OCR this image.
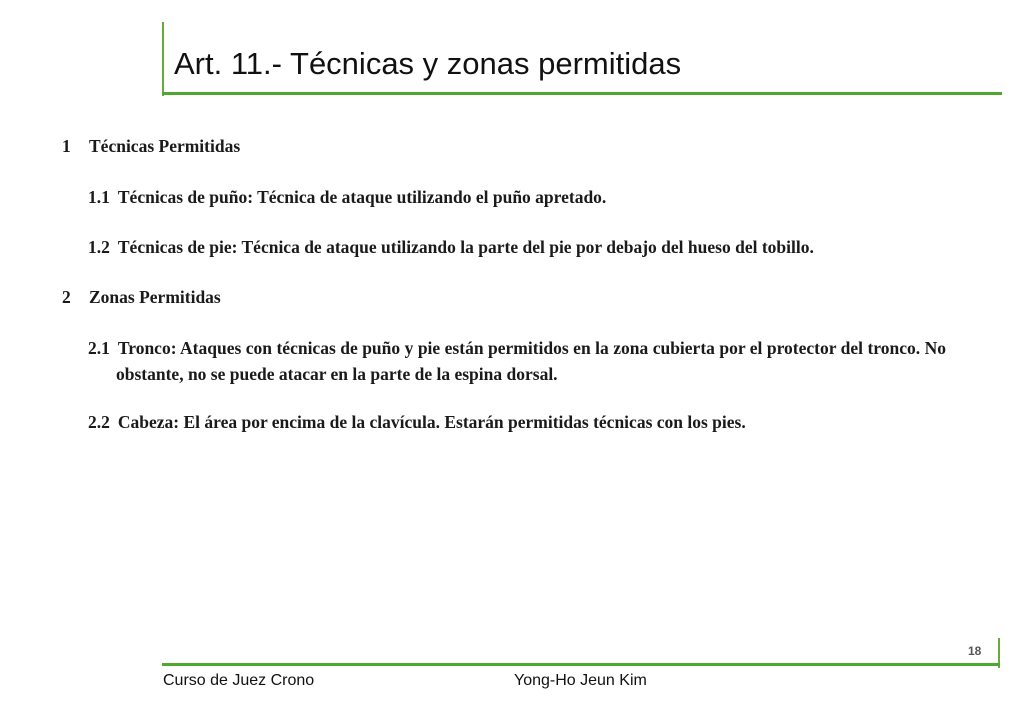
Art. 11.- Técnicas y zonas permitidas
1	Técnicas Permitidas

1.1 Técnicas de puño: Técnica de ataque utilizando el puño apretado.

1.2 Técnicas de pie: Técnica de ataque utilizando la parte del pie por debajo del hueso del tobillo.

2	Zonas Permitidas

2.1 Tronco: Ataques con técnicas de puño y pie están permitidos en la zona cubierta por el protector del tronco. No obstante, no se puede atacar en la parte de la espina dorsal.

2.2 Cabeza: El área por encima de la clavícula. Estarán permitidas técnicas con los pies.

18
Curso de Juez Crono	Yong-Ho Jeun Kim
